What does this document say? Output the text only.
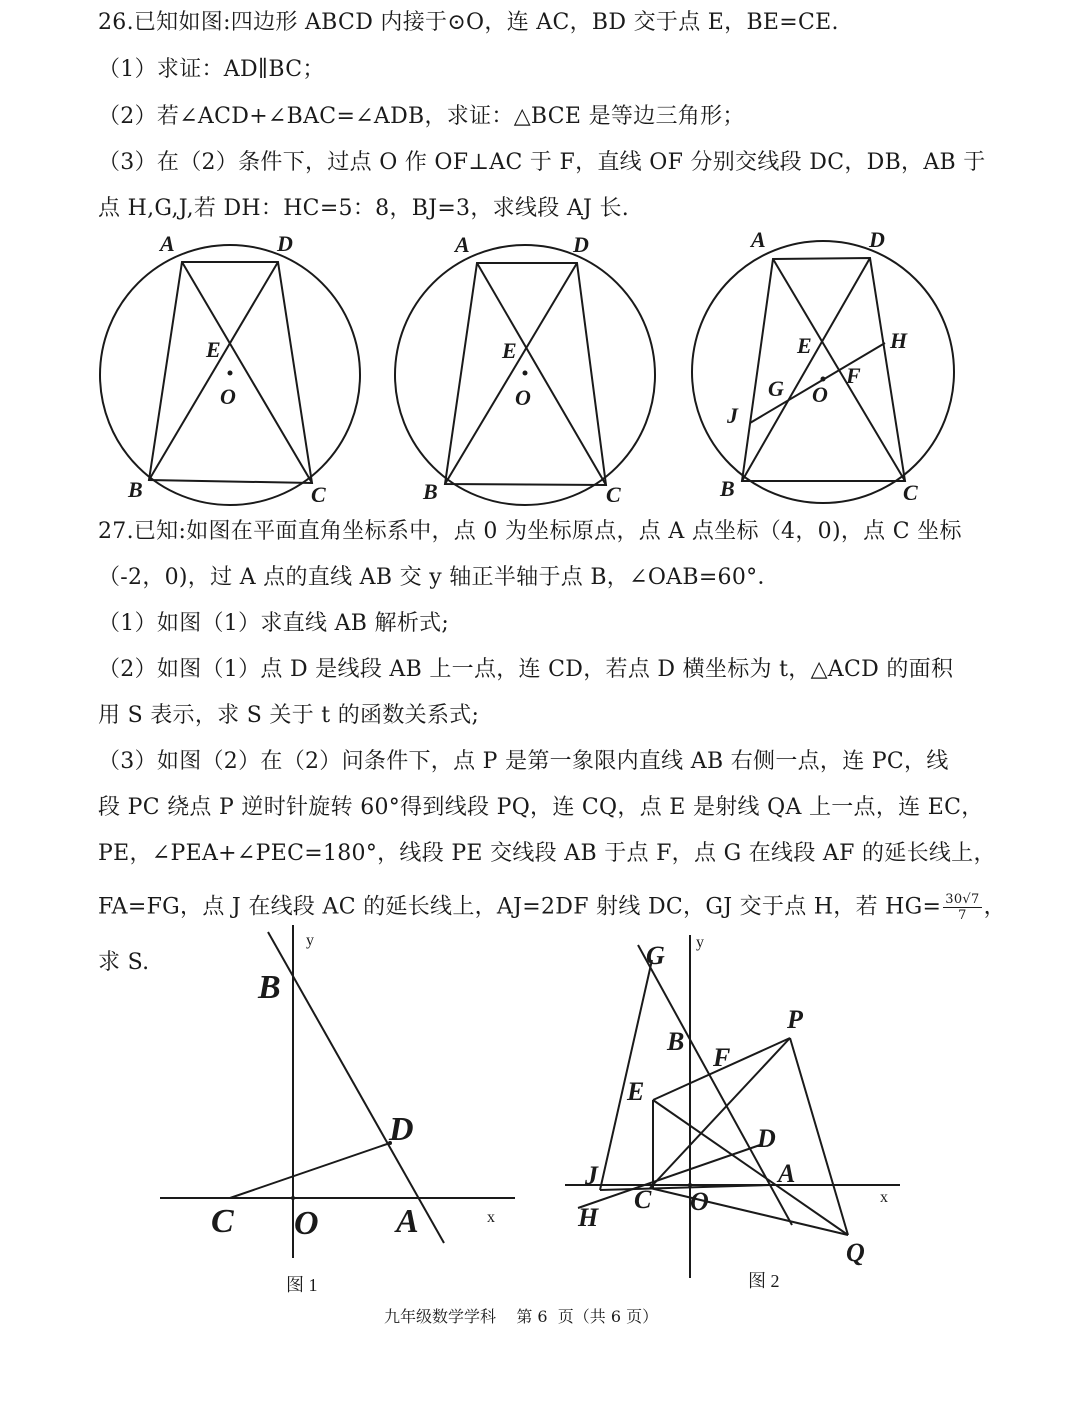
26.已知如图:四边形 ABCD 内接于⊙O，连 AC，BD 交于点 E，BE=CE.
（1）求证：AD∥BC；
（2）若∠ACD+∠BAC=∠ADB，求证：△BCE 是等边三角形；
（3）在（2）条件下，过点 O 作 OF⊥AC 于 F，直线 OF 分别交线段 DC，DB，AB 于
点 H,G,J,若 DH：HC=5：8，BJ=3，求线段 AJ 长.
27.已知:如图在平面直角坐标系中，点 0 为坐标原点，点 A 点坐标（4，0)，点 C 坐标
（-2，0)，过 A 点的直线 AB 交 y 轴正半轴于点 B，∠OAB=60°．
（1）如图（1）求直线 AB 解析式;
（2）如图（1）点 D 是线段 AB 上一点，连 CD，若点 D 横坐标为 t，△ACD 的面积
用 S 表示，求 S 关于 t 的函数关系式;
（3）如图（2）在（2）问条件下，点 P 是第一象限内直线 AB 右侧一点，连 PC，线
段 PC 绕点 P 逆时针旋转 60°得到线段 PQ，连 CQ，点 E 是射线 QA 上一点，连 EC，
PE，∠PEA+∠PEC=180°，线段 PE 交线段 AB 于点 F，点 G 在线段 AF 的延长线上，
FA=FG，点 J 在线段 AC 的延长线上，AJ=2DF 射线 DC，GJ 交于点 H，若 $HG= \frac{30√7}{7}$ ，
求 S.
A	D
E
O
B	C
A	D
E
O
B	C
A	D
E	H
G O
F
J
B	C
y
B
D
C O A	x
图 1
y
G
P
B
F
E
D
J	A
C O	x
H
Q
图 2
九年级数学学科    第 6  页（共 6 页）
